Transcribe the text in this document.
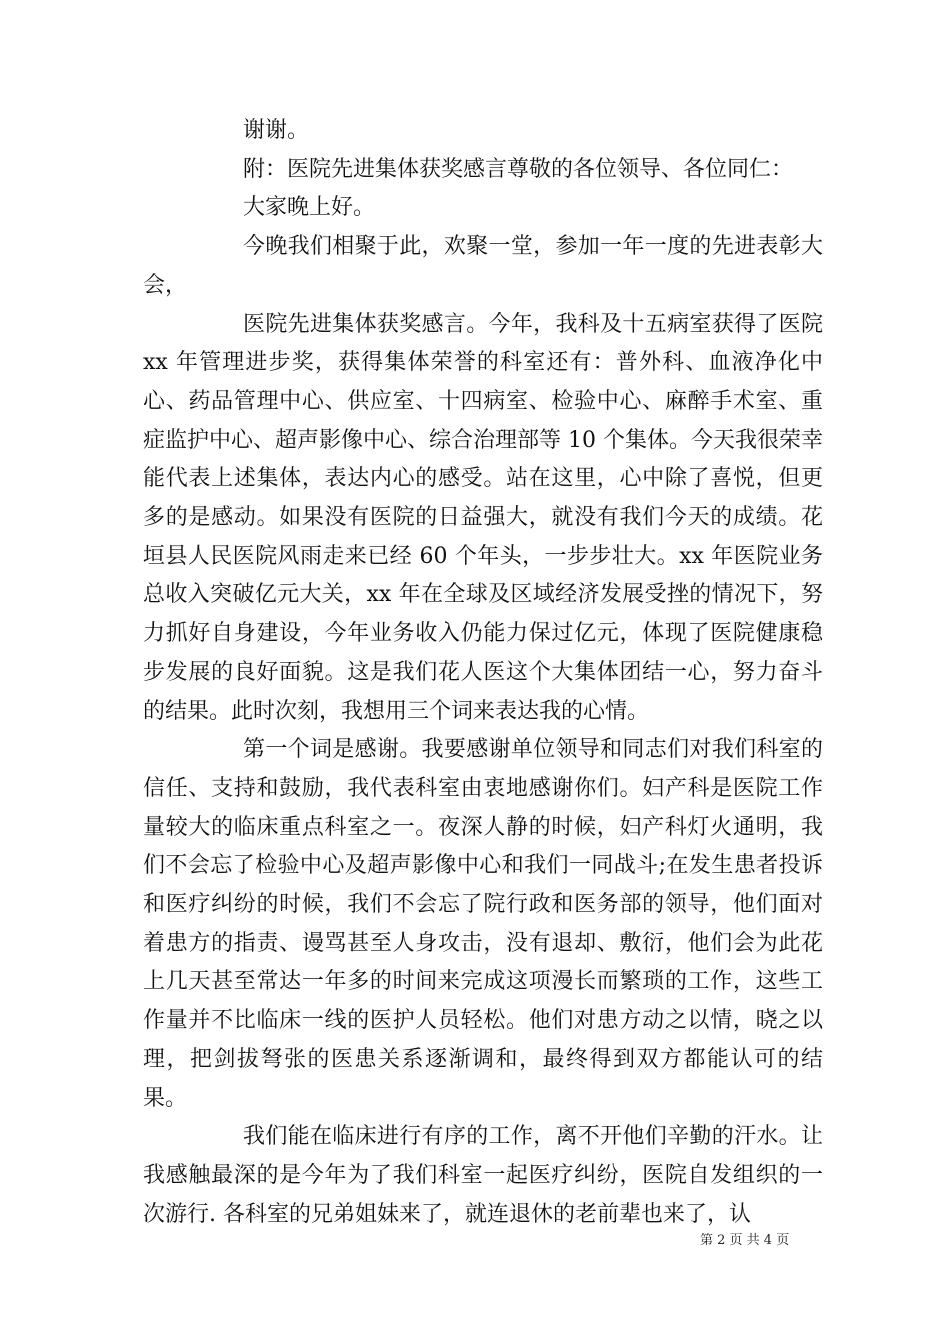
谢谢。

附：医院先进集体获奖感言尊敬的各位领导、各位同仁：

大家晚上好。

今晚我们相聚于此，欢聚一堂，参加一年一度的先进表彰大会，

医院先进集体获奖感言。今年，我科及十五病室获得了医院 xx 年管理进步奖，获得集体荣誉的科室还有：普外科、血液净化中心、药品管理中心、供应室、十四病室、检验中心、麻醉手术室、重症监护中心、超声影像中心、综合治理部等 10 个集体。今天我很荣幸能代表上述集体，表达内心的感受。站在这里，心中除了喜悦，但更多的是感动。如果没有医院的日益强大，就没有我们今天的成绩。花垣县人民医院风雨走来已经 60 个年头，一步步壮大。xx 年医院业务总收入突破亿元大关，xx 年在全球及区域经济发展受挫的情况下，努力抓好自身建设，今年业务收入仍能力保过亿元，体现了医院健康稳步发展的良好面貌。这是我们花人医这个大集体团结一心，努力奋斗的结果。此时次刻，我想用三个词来表达我的心情。

第一个词是感谢。我要感谢单位领导和同志们对我们科室的信任、支持和鼓励，我代表科室由衷地感谢你们。妇产科是医院工作量较大的临床重点科室之一。夜深人静的时候，妇产科灯火通明，我们不会忘了检验中心及超声影像中心和我们一同战斗;在发生患者投诉和医疗纠纷的时候，我们不会忘了院行政和医务部的领导，他们面对着患方的指责、谩骂甚至人身攻击，没有退却、敷衍，他们会为此花上几天甚至常达一年多的时间来完成这项漫长而繁琐的工作，这些工作量并不比临床一线的医护人员轻松。他们对患方动之以情，晓之以理，把剑拔弩张的医患关系逐渐调和，最终得到双方都能认可的结果。

我们能在临床进行有序的工作，离不开他们辛勤的汗水。让我感触最深的是今年为了我们科室一起医疗纠纷，医院自发组织的一次游行. 各科室的兄弟姐妹来了，就连退休的老前辈也来了，认

第 2 页 共 4 页
